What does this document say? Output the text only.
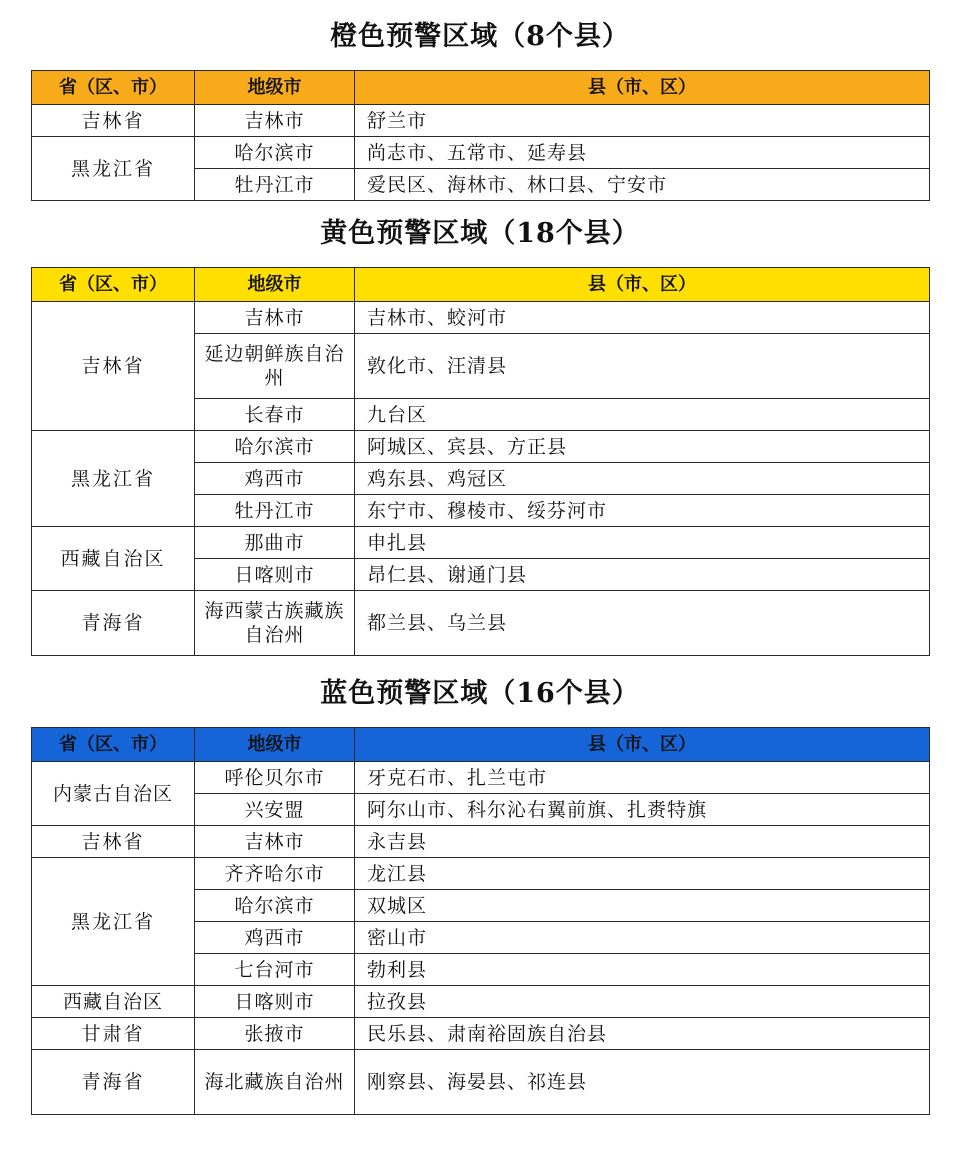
橙色预警区域（8个县）
省（区、市）	地级市	县（市、区）
吉林省	吉林市	舒兰市
黑龙江省	哈尔滨市	尚志市、五常市、延寿县
	牡丹江市	爱民区、海林市、林口县、宁安市
黄色预警区域（18个县）
省（区、市）	地级市	县（市、区）
吉林省	吉林市	吉林市、蛟河市
	延边朝鲜族自治州	敦化市、汪清县
	长春市	九台区
黑龙江省	哈尔滨市	阿城区、宾县、方正县
	鸡西市	鸡东县、鸡冠区
	牡丹江市	东宁市、穆棱市、绥芬河市
西藏自治区	那曲市	申扎县
	日喀则市	昂仁县、谢通门县
青海省	海西蒙古族藏族自治州	都兰县、乌兰县
蓝色预警区域（16个县）
省（区、市）	地级市	县（市、区）
内蒙古自治区	呼伦贝尔市	牙克石市、扎兰屯市
	兴安盟	阿尔山市、科尔沁右翼前旗、扎赉特旗
吉林省	吉林市	永吉县
黑龙江省	齐齐哈尔市	龙江县
	哈尔滨市	双城区
	鸡西市	密山市
	七台河市	勃利县
西藏自治区	日喀则市	拉孜县
甘肃省	张掖市	民乐县、肃南裕固族自治县
青海省	海北藏族自治州	刚察县、海晏县、祁连县
